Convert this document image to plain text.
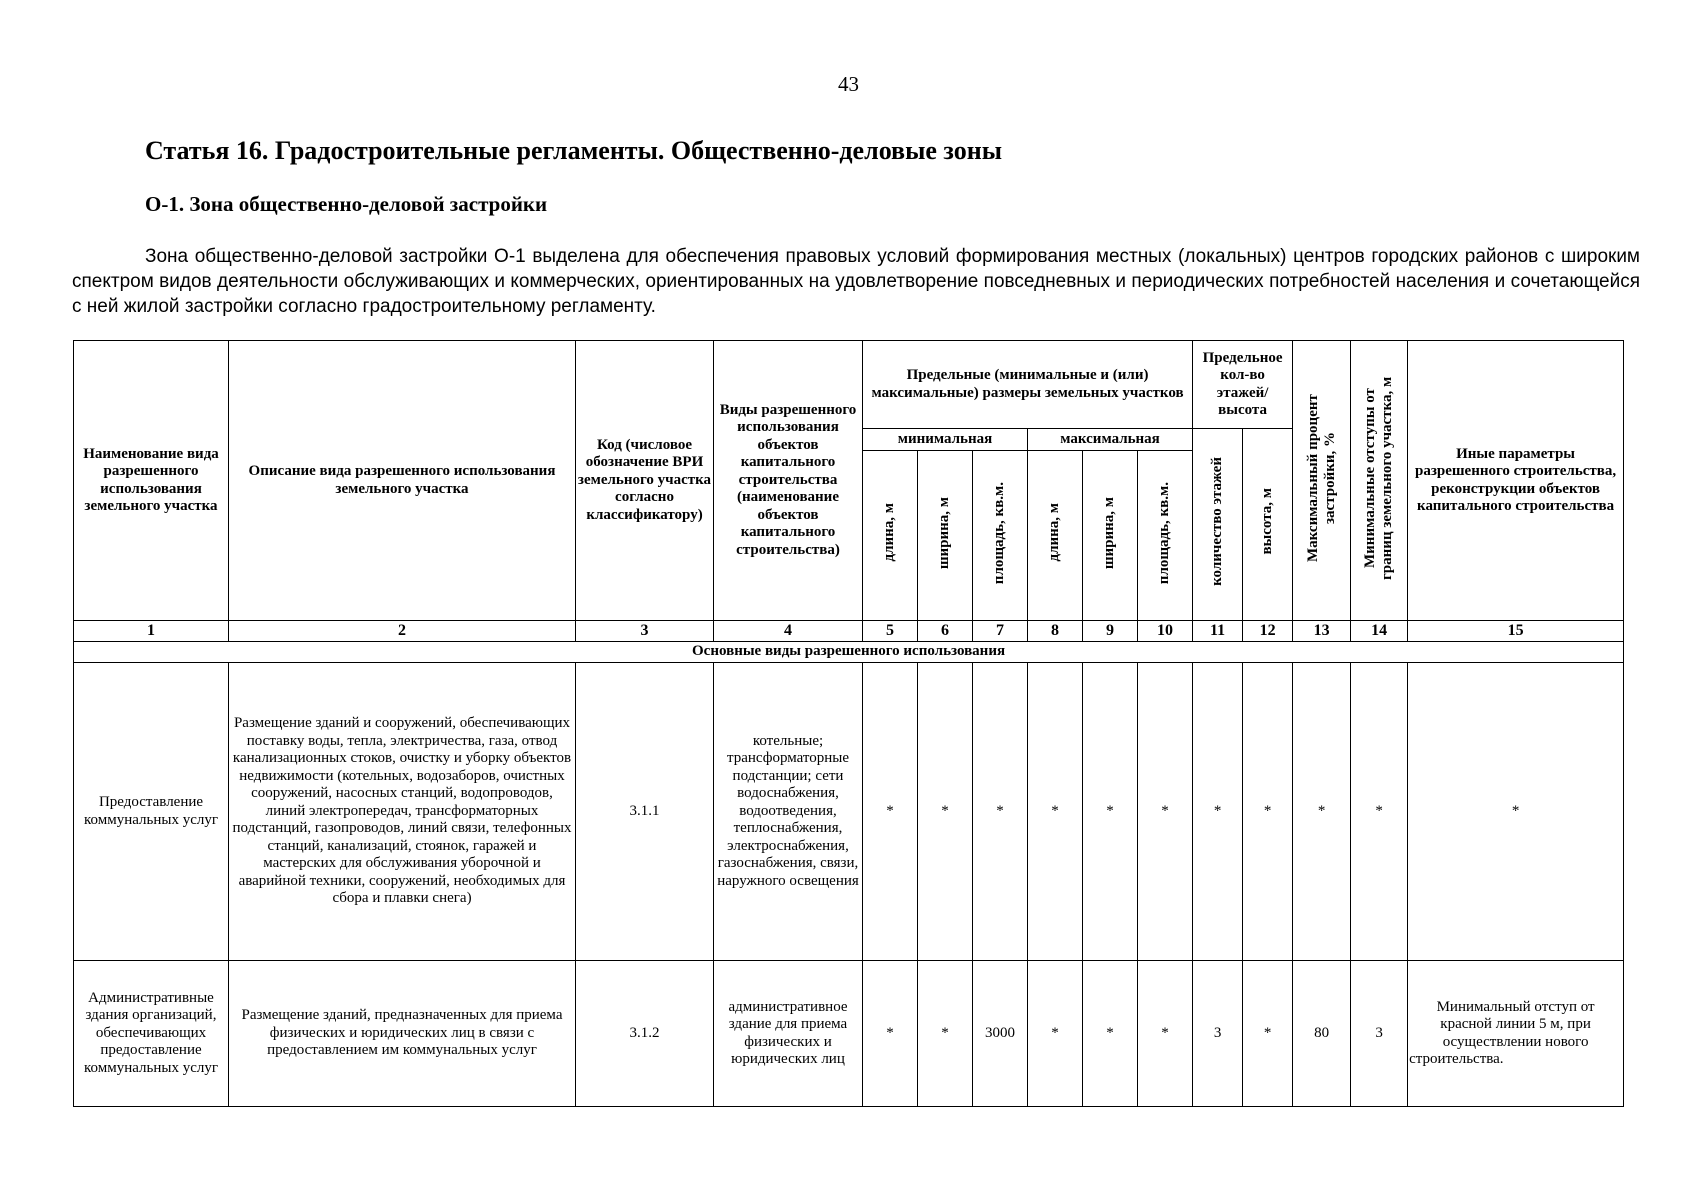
43
Статья 16. Градостроительные регламенты. Общественно-деловые зоны
О-1. Зона общественно-деловой застройки

Зона общественно-деловой застройки О-1 выделена для обеспечения правовых условий формирования местных (локальных) центров городских районов с широким спектром видов деятельности обслуживающих и коммерческих, ориентированных на удовлетворение повседневных и периодических потребностей населения и сочетающейся с ней жилой застройки согласно градостроительному регламенту.

Наименование вида разрешенного использования земельного участка	Описание вида разрешенного использования земельного участка	Код (числовое обозначение ВРИ земельного участка согласно классификатору)	Виды разрешенного использования объектов капитального строительства (наименование объектов капитального строительства)	Предельные (минимальные и (или) максимальные) размеры земельных участков						Предельное кол-во этажей/ высота		Максимальный процент застройки, %	Минимальные отступы от границ земельного участка, м	Иные параметры разрешенного строительства, реконструкции объектов капитального строительства
				минимальная			максимальная			количество этажей	высота, м			
				длина, м	ширина, м	площадь, кв.м.	длина, м	ширина, м	площадь, кв.м.					
1	2	3	4	5	6	7	8	9	10	11	12	13	14	15
Основные виды разрешенного использования														
Предоставление коммунальных услуг	Размещение зданий и сооружений, обеспечивающих поставку воды, тепла, электричества, газа, отвод канализационных стоков, очистку и уборку объектов недвижимости (котельных, водозаборов, очистных сооружений, насосных станций, водопроводов, линий электропередач, трансформаторных подстанций, газопроводов, линий связи, телефонных станций, канализаций, стоянок, гаражей и мастерских для обслуживания уборочной и аварийной техники, сооружений, необходимых для сбора и плавки снега)	3.1.1	котельные; трансформаторные подстанции; сети водоснабжения, водоотведения, теплоснабжения, электроснабжения, газоснабжения, связи, наружного освещения	*	*	*	*	*	*	*	*	*	*	*
Административные здания организаций, обеспечивающих предоставление коммунальных услуг	Размещение зданий, предназначенных для приема физических и юридических лиц в связи с предоставлением им коммунальных услуг	3.1.2	административное здание для приема физических и юридических лиц	*	*	3000	*	*	*	3	*	80	3	Минимальный отступ от красной линии 5 м, при осуществлении нового строительства.
